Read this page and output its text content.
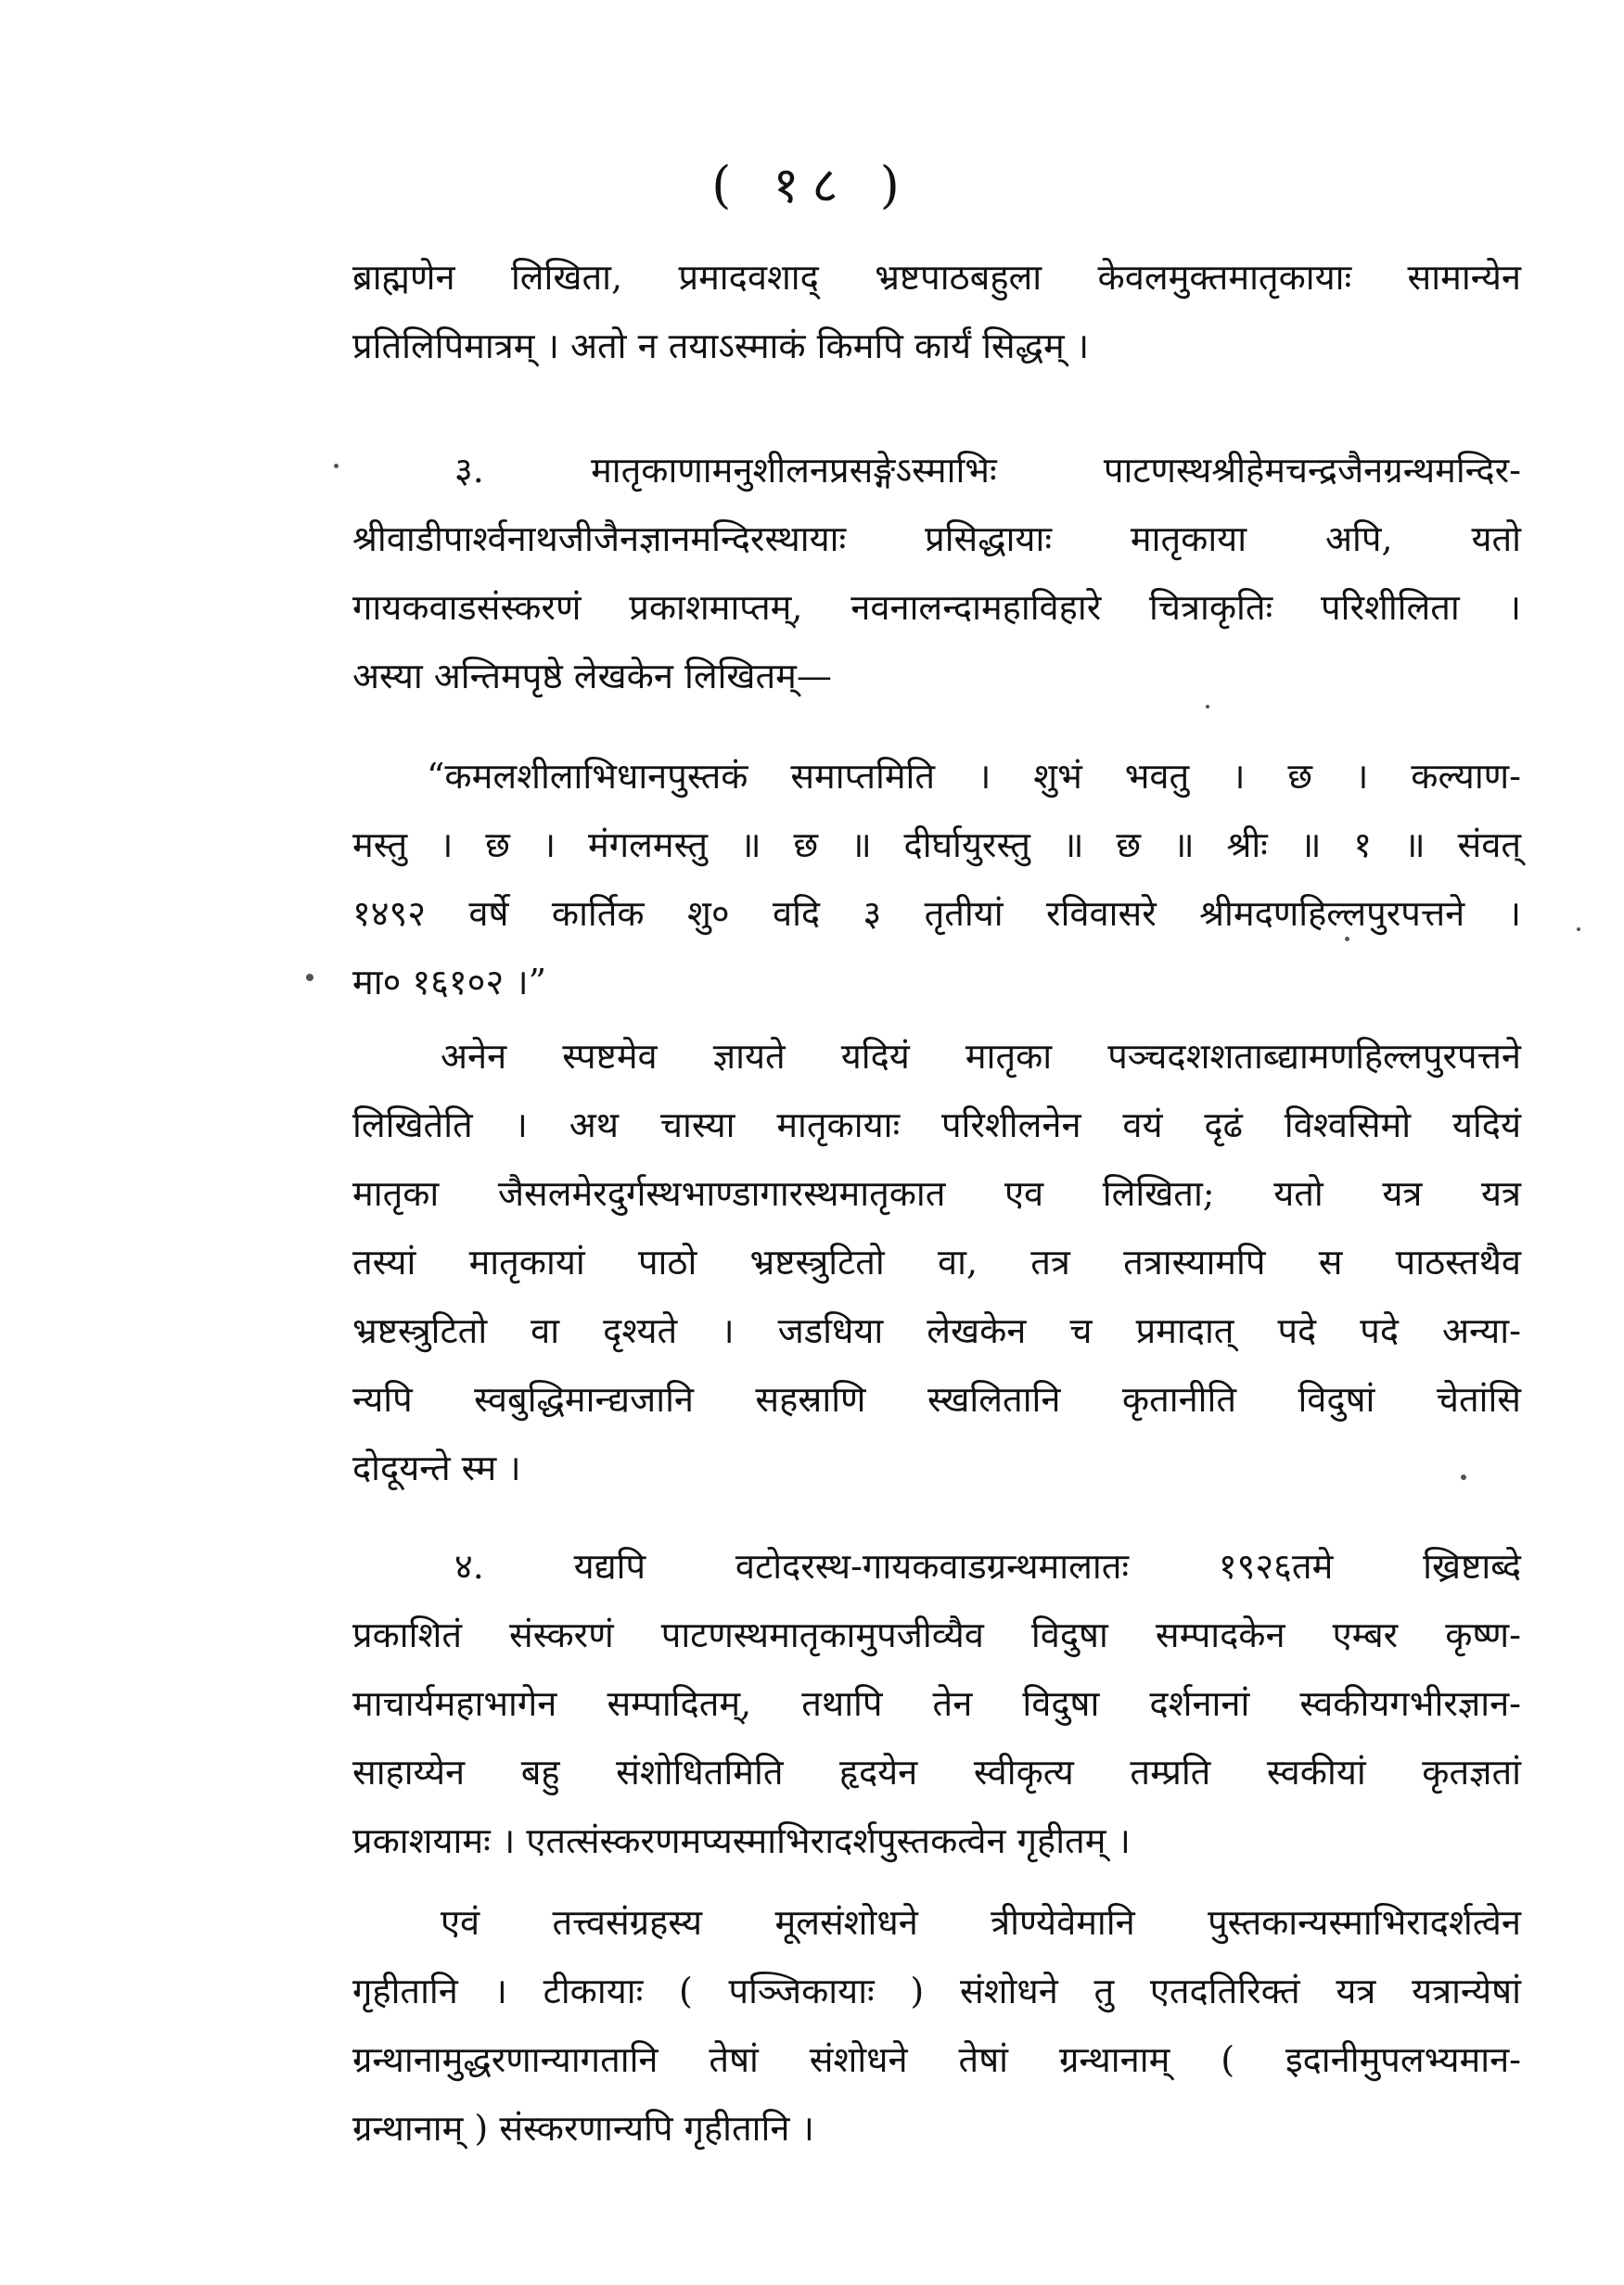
( १८ )
ब्राह्मणेन लिखिता, प्रमादवशाद् भ्रष्टपाठबहुला केवलमुक्तमातृकायाः सामान्येन
प्रतिलिपिमात्रम् । अतो न तयाऽस्माकं किमपि कार्यं सिद्धम् ।
३. मातृकाणामनुशीलनप्रसङ्गेऽस्माभिः पाटणस्थश्रीहेमचन्द्रजैनग्रन्थमन्दिर-
श्रीवाडीपार्श्वनाथजीजैनज्ञानमन्दिरस्थायाः प्रसिद्धायाः मातृकाया अपि, यतो
गायकवाडसंस्करणं प्रकाशमाप्तम्, नवनालन्दामहाविहारे चित्राकृतिः परिशीलिता ।
अस्या अन्तिमपृष्ठे लेखकेन लिखितम्—
“कमलशीलाभिधानपुस्तकं समाप्तमिति । शुभं भवतु । छ । कल्याण-
मस्तु । छ । मंगलमस्तु ॥ छ ॥ दीर्घायुरस्तु ॥ छ ॥ श्रीः ॥ १ ॥ संवत्
१४९२ वर्षे कार्तिक शु० वदि ३ तृतीयां रविवासरे श्रीमदणहिल्लपुरपत्तने ।
मा० १६१०२ ।”
अनेन स्पष्टमेव ज्ञायते यदियं मातृका पञ्चदशशताब्द्यामणहिल्लपुरपत्तने
लिखितेति । अथ चास्या मातृकायाः परिशीलनेन वयं दृढं विश्वसिमो यदियं
मातृका जैसलमेरदुर्गस्थभाण्डागारस्थमातृकात एव लिखिता; यतो यत्र यत्र
तस्यां मातृकायां पाठो भ्रष्टस्त्रुटितो वा, तत्र तत्रास्यामपि स पाठस्तथैव
भ्रष्टस्त्रुटितो वा दृश्यते । जडधिया लेखकेन च प्रमादात् पदे पदे अन्या-
न्यपि स्वबुद्धिमान्द्यजानि सहस्राणि स्खलितानि कृतानीति विदुषां चेतांसि
दोदूयन्ते स्म ।
४. यद्यपि वटोदरस्थ-गायकवाडग्रन्थमालातः १९२६तमे ख्रिष्टाब्दे
प्रकाशितं संस्करणं पाटणस्थमातृकामुपजीव्यैव विदुषा सम्पादकेन एम्बर कृष्ण-
माचार्यमहाभागेन सम्पादितम्, तथापि तेन विदुषा दर्शनानां स्वकीयगभीरज्ञान-
साहाय्येन बहु संशोधितमिति हृदयेन स्वीकृत्य तम्प्रति स्वकीयां कृतज्ञतां
प्रकाशयामः । एतत्संस्करणमप्यस्माभिरादर्शपुस्तकत्वेन गृहीतम् ।
एवं तत्त्वसंग्रहस्य मूलसंशोधने त्रीण्येवेमानि पुस्तकान्यस्माभिरादर्शत्वेन
गृहीतानि । टीकायाः ( पञ्जिकायाः ) संशोधने तु एतदतिरिक्तं यत्र यत्रान्येषां
ग्रन्थानामुद्धरणान्यागतानि तेषां संशोधने तेषां ग्रन्थानाम् ( इदानीमुपलभ्यमान-
ग्रन्थानाम् ) संस्करणान्यपि गृहीतानि ।
